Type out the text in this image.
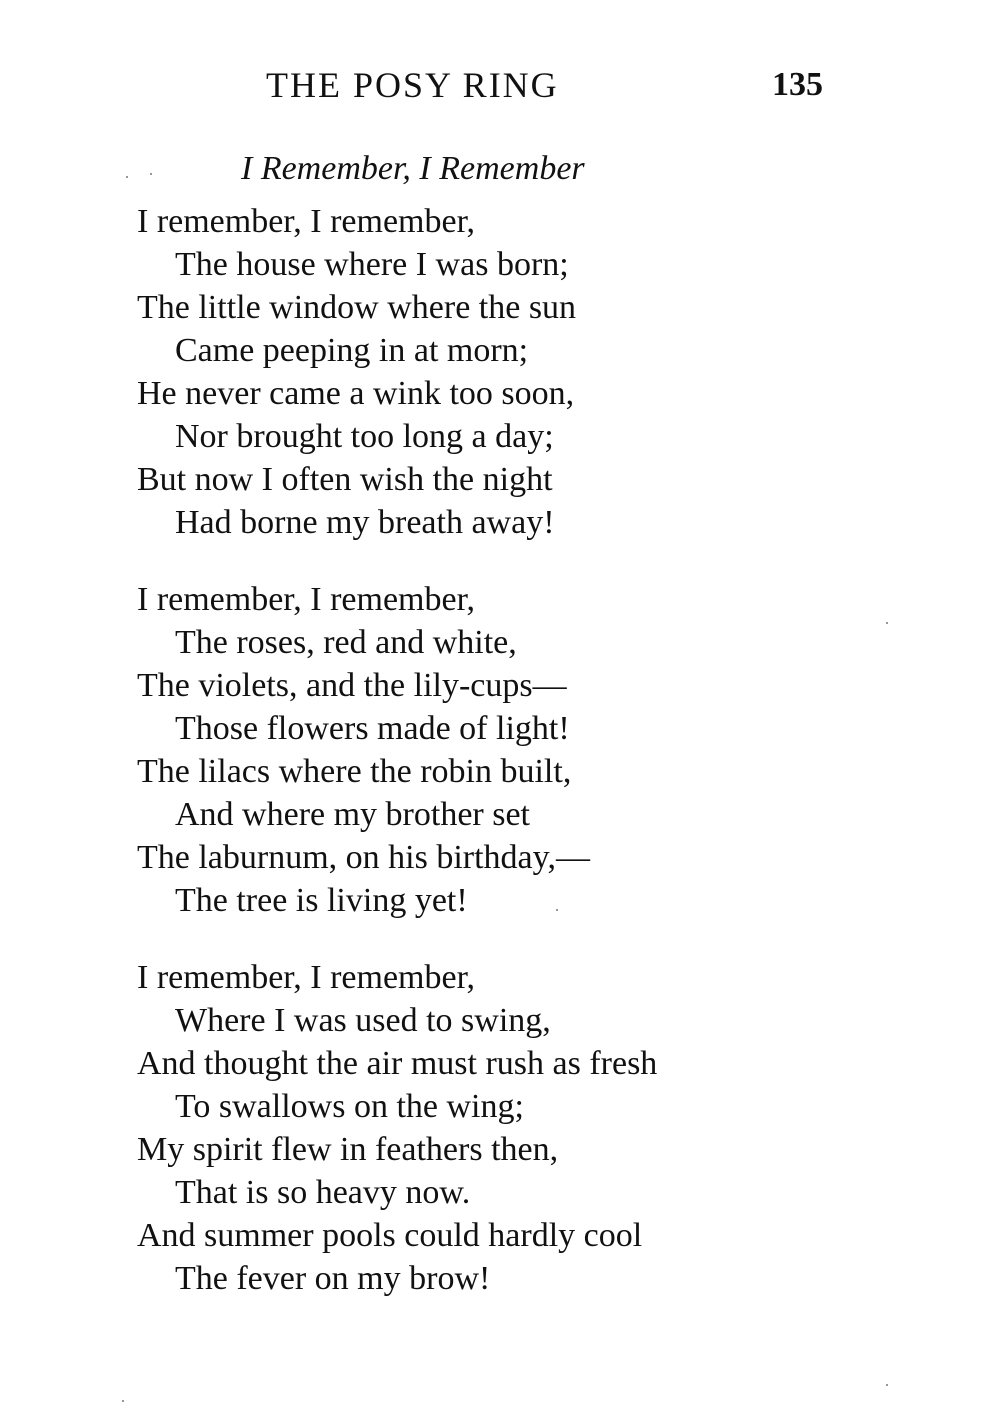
THE POSY RING	135
I Remember, I Remember
I remember, I remember,
The house where I was born;
The little window where the sun
Came peeping in at morn;
He never came a wink too soon,
Nor brought too long a day;
But now I often wish the night
Had borne my breath away!
I remember, I remember,
The roses, red and white,
The violets, and the lily-cups—
Those flowers made of light!
The lilacs where the robin built,
And where my brother set
The laburnum, on his birthday,—
The tree is living yet!
I remember, I remember,
Where I was used to swing,
And thought the air must rush as fresh
To swallows on the wing;
My spirit flew in feathers then,
That is so heavy now.
And summer pools could hardly cool
The fever on my brow!
